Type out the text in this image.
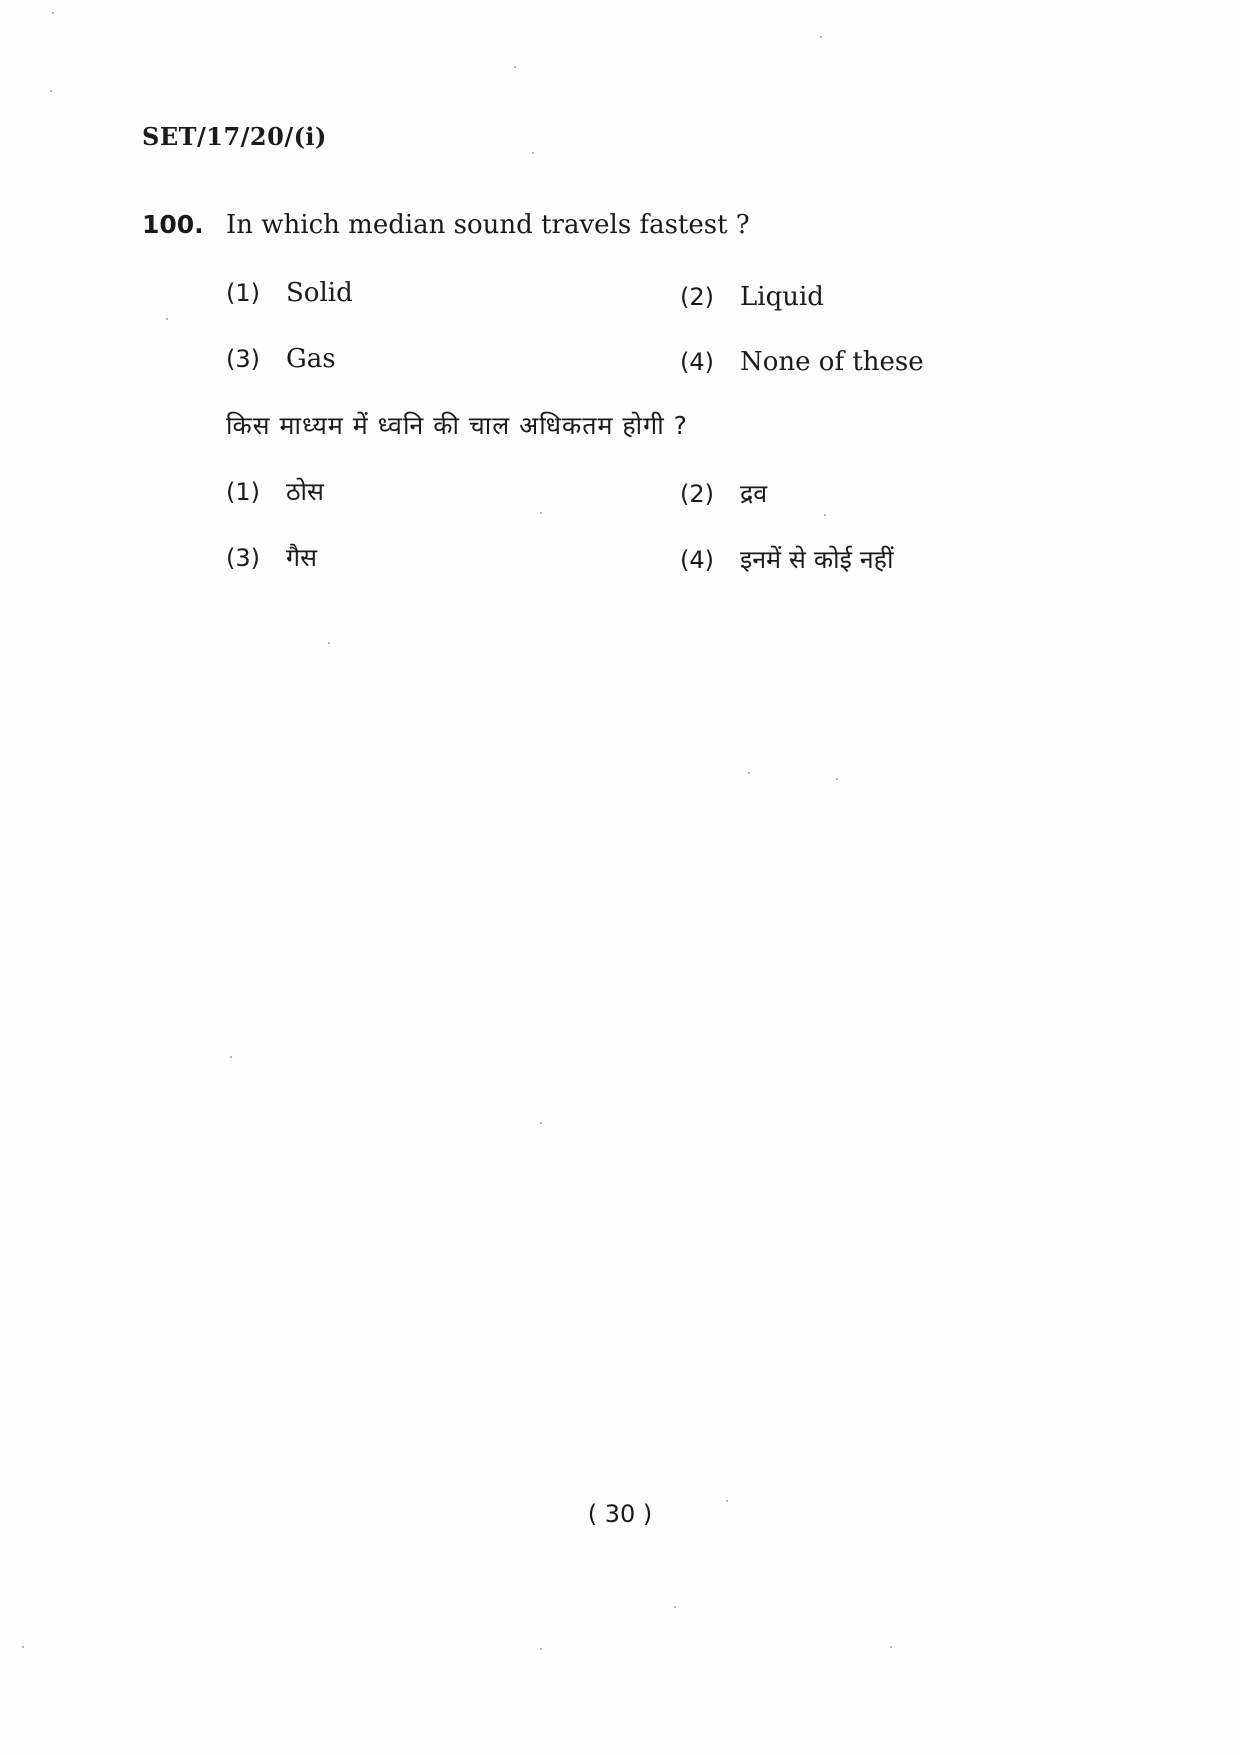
SET/17/20/(i)
100. In which median sound travels fastest ?
(1)	Solid	(2)	Liquid
(3)	Gas	(4)	None of these
किस माध्यम में ध्वनि की चाल अधिकतम होगी ?
(1)	ठोस	(2)	द्रव
(3)	गैस	(4)	इनमें से कोई नहीं
( 30 )
